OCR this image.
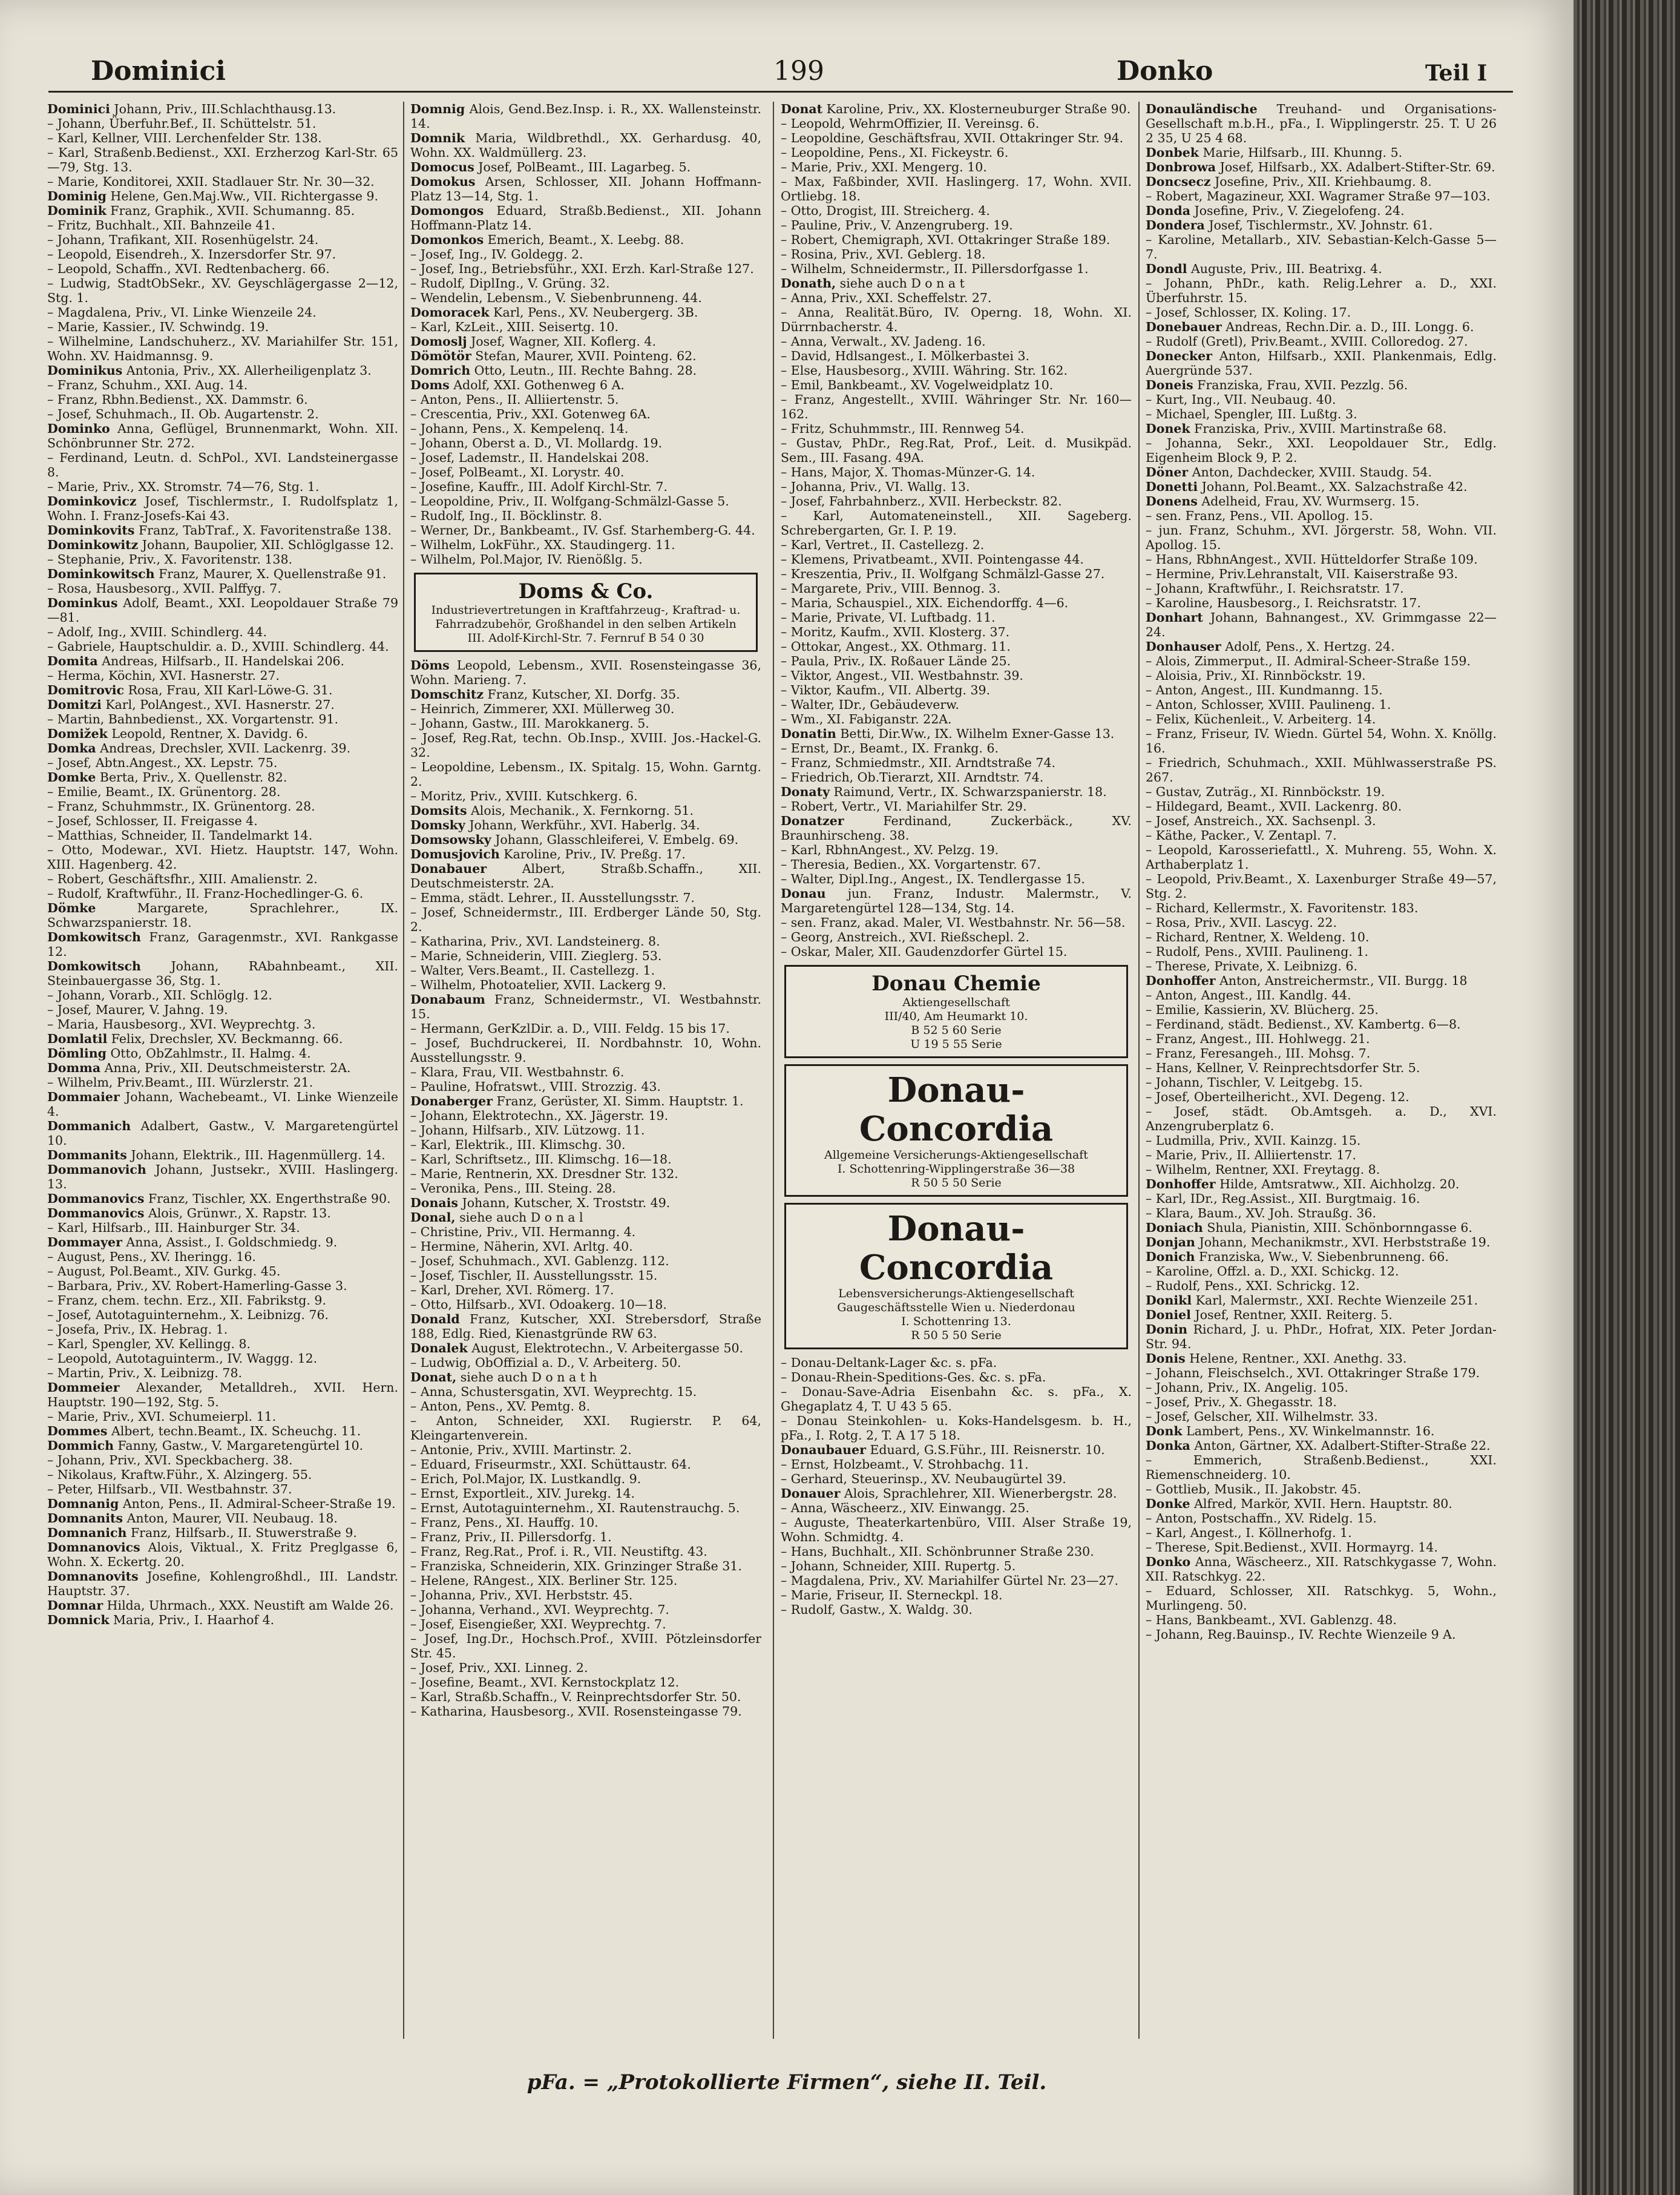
Dominici	199	Donko	Teil I

Dominici Johann, Priv., III.Schlachthausg.13.

– Johann, Überfuhr.Bef., II. Schüttelstr. 51.

– Karl, Kellner, VIII. Lerchenfelder Str. 138.

– Karl, Straßenb.Bedienst., XXI. Erzherzog Karl-Str. 65—79, Stg. 13.

– Marie, Konditorei, XXII. Stadlauer Str. Nr. 30—32.

Dominig Helene, Gen.Maj.Ww., VII. Richtergasse 9.

Dominik Franz, Graphik., XVII. Schumanng. 85.

– Fritz, Buchhalt., XII. Bahnzeile 41.

– Johann, Trafikant, XII. Rosenhügelstr. 24.

– Leopold, Eisendreh., X. Inzersdorfer Str. 97.

– Leopold, Schaffn., XVI. Redtenbacherg. 66.

– Ludwig, StadtObSekr., XV. Geyschlägergasse 2—12, Stg. 1.

– Magdalena, Priv., VI. Linke Wienzeile 24.

– Marie, Kassier., IV. Schwindg. 19.

– Wilhelmine, Landschuherz., XV. Mariahilfer Str. 151, Wohn. XV. Haidmannsg. 9.

Dominikus Antonia, Priv., XX. Allerheiligenplatz 3.

– Franz, Schuhm., XXI. Aug. 14.

– Franz, Rbhn.Bedienst., XX. Dammstr. 6.

– Josef, Schuhmach., II. Ob. Augartenstr. 2.

Dominko Anna, Geflügel, Brunnenmarkt, Wohn. XII. Schönbrunner Str. 272.

– Ferdinand, Leutn. d. SchPol., XVI. Landsteinergasse 8.

– Marie, Priv., XX. Stromstr. 74—76, Stg. 1.

Dominkovicz Josef, Tischlermstr., I. Rudolfsplatz 1, Wohn. I. Franz-Josefs-Kai 43.

Dominkovits Franz, TabTraf., X. Favoritenstraße 138.

Dominkowitz Johann, Baupolier, XII. Schlöglgasse 12.

– Stephanie, Priv., X. Favoritenstr. 138.

Dominkowitsch Franz, Maurer, X. Quellenstraße 91.

– Rosa, Hausbesorg., XVII. Palffyg. 7.

Dominkus Adolf, Beamt., XXI. Leopoldauer Straße 79—81.

– Adolf, Ing., XVIII. Schindlerg. 44.

– Gabriele, Hauptschuldir. a. D., XVIII. Schindlerg. 44.

Domita Andreas, Hilfsarb., II. Handelskai 206.

– Herma, Köchin, XVI. Hasnerstr. 27.

Domitrovic Rosa, Frau, XII Karl-Löwe-G. 31.

Domitzi Karl, PolAngest., XVI. Hasnerstr. 27.

– Martin, Bahnbedienst., XX. Vorgartenstr. 91.

Domižek Leopold, Rentner, X. Davidg. 6.

Domka Andreas, Drechsler, XVII. Lackenrg. 39.

– Josef, Abtn.Angest., XX. Lepstr. 75.

Domke Berta, Priv., X. Quellenstr. 82.

– Emilie, Beamt., IX. Grünentorg. 28.

– Franz, Schuhmmstr., IX. Grünentorg. 28.

– Josef, Schlosser, II. Freigasse 4.

– Matthias, Schneider, II. Tandelmarkt 14.

– Otto, Modewar., XVI. Hietz. Hauptstr. 147, Wohn. XIII. Hagenberg. 42.

– Robert, Geschäftsfhr., XIII. Amalienstr. 2.

– Rudolf, Kraftwführ., II. Franz-Hochedlinger-G. 6.

Dömke Margarete, Sprachlehrer., IX. Schwarzspanierstr. 18.

Domkowitsch Franz, Garagenmstr., XVI. Rankgasse 12.

Domkowitsch Johann, RAbahnbeamt., XII. Steinbauergasse 36, Stg. 1.

– Johann, Vorarb., XII. Schlöglg. 12.

– Josef, Maurer, V. Jahng. 19.

– Maria, Hausbesorg., XVI. Weyprechtg. 3.

Domlatil Felix, Drechsler, XV. Beckmanng. 66.

Dömling Otto, ObZahlmstr., II. Halmg. 4.

Domma Anna, Priv., XII. Deutschmeisterstr. 2A.

– Wilhelm, Priv.Beamt., III. Würzlerstr. 21.

Dommaier Johann, Wachebeamt., VI. Linke Wienzeile 4.

Dommanich Adalbert, Gastw., V. Margaretengürtel 10.

Dommanits Johann, Elektrik., III. Hagenmüllerg. 14.

Dommanovich Johann, Justsekr., XVIII. Haslingerg. 13.

Dommanovics Franz, Tischler, XX. Engerthstraße 90.

Dommanovics Alois, Grünwr., X. Rapstr. 13.

– Karl, Hilfsarb., III. Hainburger Str. 34.

Dommayer Anna, Assist., I. Goldschmiedg. 9.

– August, Pens., XV. Iheringg. 16.

– August, Pol.Beamt., XIV. Gurkg. 45.

– Barbara, Priv., XV. Robert-Hamerling-Gasse 3.

– Franz, chem. techn. Erz., XII. Fabrikstg. 9.

– Josef, Autotaguinternehm., X. Leibnizg. 76.

– Josefa, Priv., IX. Hebrag. 1.

– Karl, Spengler, XV. Kellingg. 8.

– Leopold, Autotaguinterm., IV. Waggg. 12.

– Martin, Priv., X. Leibnizg. 78.

Dommeier Alexander, Metalldreh., XVII. Hern. Hauptstr. 190—192, Stg. 5.

– Marie, Priv., XVI. Schumeierpl. 11.

Dommes Albert, techn.Beamt., IX. Scheuchg. 11.

Dommich Fanny, Gastw., V. Margaretengürtel 10.

– Johann, Priv., XVI. Speckbacherg. 38.

– Nikolaus, Kraftw.Führ., X. Alzingerg. 55.

– Peter, Hilfsarb., VII. Westbahnstr. 37.

Domnanig Anton, Pens., II. Admiral-Scheer-Straße 19.

Domnanits Anton, Maurer, VII. Neubaug. 18.

Domnanich Franz, Hilfsarb., II. Stuwerstraße 9.

Domnanovics Alois, Viktual., X. Fritz Preglgasse 6, Wohn. X. Eckertg. 20.

Domnanovits Josefine, Kohlengroßhdl., III. Landstr. Hauptstr. 37.

Domnar Hilda, Uhrmach., XXX. Neustift am Walde 26.

Domnick Maria, Priv., I. Haarhof 4.

Domnig Alois, Gend.Bez.Insp. i. R., XX. Wallensteinstr. 14.

Domnik Maria, Wildbrethdl., XX. Gerhardusg. 40, Wohn. XX. Waldmüllerg. 23.

Domocus Josef, PolBeamt., III. Lagarbeg. 5.

Domokus Arsen, Schlosser, XII. Johann Hoffmann-Platz 13—14, Stg. 1.

Domongos Eduard, Straßb.Bedienst., XII. Johann Hoffmann-Platz 14.

Domonkos Emerich, Beamt., X. Leebg. 88.

– Josef, Ing., IV. Goldegg. 2.

– Josef, Ing., Betriebsführ., XXI. Erzh. Karl-Straße 127.

– Rudolf, DiplIng., V. Grüng. 32.

– Wendelin, Lebensm., V. Siebenbrunneng. 44.

Domoracek Karl, Pens., XV. Neubergerg. 3B.

– Karl, KzLeit., XIII. Seisertg. 10.

Domoslj Josef, Wagner, XII. Koflerg. 4.

Dömötör Stefan, Maurer, XVII. Pointeng. 62.

Domrich Otto, Leutn., III. Rechte Bahng. 28.

Doms Adolf, XXI. Gothenweg 6 A.

– Anton, Pens., II. Alliiertenstr. 5.

– Crescentia, Priv., XXI. Gotenweg 6A.

– Johann, Pens., X. Kempelenq. 14.

– Johann, Oberst a. D., VI. Mollardg. 19.

– Josef, Lademstr., II. Handelskai 208.

– Josef, PolBeamt., XI. Lorystr. 40.

– Josefine, Kauffr., III. Adolf Kirchl-Str. 7.

– Leopoldine, Priv., II. Wolfgang-Schmälzl-Gasse 5.

– Rudolf, Ing., II. Böcklinstr. 8.

– Werner, Dr., Bankbeamt., IV. Gsf. Starhemberg-G. 44.

– Wilhelm, LokFühr., XX. Staudingerg. 11.

– Wilhelm, Pol.Major, IV. Rienößlg. 5.

Doms & Co.
Industrievertretungen in Kraftfahrzeug-, Kraftrad- u. Fahrradzubehör, Großhandel in den selben Artikeln
III. Adolf-Kirchl-Str. 7. Fernruf B 54 0 30

Döms Leopold, Lebensm., XVII. Rosensteingasse 36, Wohn. Marieng. 7.

Domschitz Franz, Kutscher, XI. Dorfg. 35.

– Heinrich, Zimmerer, XXI. Müllerweg 30.

– Johann, Gastw., III. Marokkanerg. 5.

– Josef, Reg.Rat, techn. Ob.Insp., XVIII. Jos.-Hackel-G. 32.

– Leopoldine, Lebensm., IX. Spitalg. 15, Wohn. Garntg. 2.

– Moritz, Priv., XVIII. Kutschkerg. 6.

Domsits Alois, Mechanik., X. Fernkorng. 51.

Domsky Johann, Werkführ., XVI. Haberlg. 34.

Domsowsky Johann, Glasschleiferei, V. Embelg. 69.

Domusjovich Karoline, Priv., IV. Preßg. 17.

Donabauer Albert, Straßb.Schaffn., XII. Deutschmeisterstr. 2A.

– Emma, städt. Lehrer., II. Ausstellungsstr. 7.

– Josef, Schneidermstr., III. Erdberger Lände 50, Stg. 2.

– Katharina, Priv., XVI. Landsteinerg. 8.

– Marie, Schneiderin, VIII. Zieglerg. 53.

– Walter, Vers.Beamt., II. Castellezg. 1.

– Wilhelm, Photoatelier, XVII. Lackerg 9.

Donabaum Franz, Schneidermstr., VI. Westbahnstr. 15.

– Hermann, GerKzlDir. a. D., VIII. Feldg. 15 bis 17.

– Josef, Buchdruckerei, II. Nordbahnstr. 10, Wohn. Ausstellungsstr. 9.

– Klara, Frau, VII. Westbahnstr. 6.

– Pauline, Hofratswt., VIII. Strozzig. 43.

Donaberger Franz, Gerüster, XI. Simm. Hauptstr. 1.

– Johann, Elektrotechn., XX. Jägerstr. 19.

– Johann, Hilfsarb., XIV. Lützowg. 11.

– Karl, Elektrik., III. Klimschg. 30.

– Karl, Schriftsetz., III. Klimschg. 16—18.

– Marie, Rentnerin, XX. Dresdner Str. 132.

– Veronika, Pens., III. Steing. 28.

Donais Johann, Kutscher, X. Troststr. 49.

Donal, siehe auch D o n a l

– Christine, Priv., VII. Hermanng. 4.

– Hermine, Näherin, XVI. Arltg. 40.

– Josef, Schuhmach., XVI. Gablenzg. 112.

– Josef, Tischler, II. Ausstellungsstr. 15.

– Karl, Dreher, XVI. Römerg. 17.

– Otto, Hilfsarb., XVI. Odoakerg. 10—18.

Donald Franz, Kutscher, XXI. Strebersdorf, Straße 188, Edlg. Ried, Kienastgründe RW 63.

Donalek August, Elektrotechn., V. Arbeitergasse 50.

– Ludwig, ObOffizial a. D., V. Arbeiterg. 50.

Donat, siehe auch D o n a t h

– Anna, Schustersgatin, XVI. Weyprechtg. 15.

– Anton, Pens., XV. Pemtg. 8.

– Anton, Schneider, XXI. Rugierstr. P. 64, Kleingartenverein.

– Antonie, Priv., XVIII. Martinstr. 2.

– Eduard, Friseurmstr., XXI. Schüttaustr. 64.

– Erich, Pol.Major, IX. Lustkandlg. 9.

– Ernst, Exportleit., XIV. Jurekg. 14.

– Ernst, Autotaguinternehm., XI. Rautenstrauchg. 5.

– Franz, Pens., XI. Hauffg. 10.

– Franz, Priv., II. Pillersdorfg. 1.

– Franz, Reg.Rat., Prof. i. R., VII. Neustiftg. 43.

– Franziska, Schneiderin, XIX. Grinzinger Straße 31.

– Helene, RAngest., XIX. Berliner Str. 125.

– Johanna, Priv., XVI. Herbststr. 45.

– Johanna, Verhand., XVI. Weyprechtg. 7.

– Josef, Eisengießer, XXI. Weyprechtg. 7.

– Josef, Ing.Dr., Hochsch.Prof., XVIII. Pötzleinsdorfer Str. 45.

– Josef, Priv., XXI. Linneg. 2.

– Josefine, Beamt., XVI. Kernstockplatz 12.

– Karl, Straßb.Schaffn., V. Reinprechtsdorfer Str. 50.

– Katharina, Hausbesorg., XVII. Rosensteingasse 79.

Donat Karoline, Priv., XX. Klosterneuburger Straße 90.

– Leopold, WehrmOffizier, II. Vereinsg. 6.

– Leopoldine, Geschäftsfrau, XVII. Ottakringer Str. 94.

– Leopoldine, Pens., XI. Fickeystr. 6.

– Marie, Priv., XXI. Mengerg. 10.

– Max, Faßbinder, XVII. Haslingerg. 17, Wohn. XVII. Ortliebg. 18.

– Otto, Drogist, III. Streicherg. 4.

– Pauline, Priv., V. Anzengruberg. 19.

– Robert, Chemigraph, XVI. Ottakringer Straße 189.

– Rosina, Priv., XVI. Geblerg. 18.

– Wilhelm, Schneidermstr., II. Pillersdorfgasse 1.

Donath, siehe auch D o n a t

– Anna, Priv., XXI. Scheffelstr. 27.

– Anna, Realität.Büro, IV. Operng. 18, Wohn. XI. Dürrnbacherstr. 4.

– Anna, Verwalt., XV. Jadeng. 16.

– David, Hdlsangest., I. Mölkerbastei 3.

– Else, Hausbesorg., XVIII. Währing. Str. 162.

– Emil, Bankbeamt., XV. Vogelweidplatz 10.

– Franz, Angestellt., XVIII. Währinger Str. Nr. 160—162.

– Fritz, Schuhmmstr., III. Rennweg 54.

– Gustav, PhDr., Reg.Rat, Prof., Leit. d. Musikpäd. Sem., III. Fasang. 49A.

– Hans, Major, X. Thomas-Münzer-G. 14.

– Johanna, Priv., VI. Wallg. 13.

– Josef, Fahrbahnberz., XVII. Herbeckstr. 82.

– Karl, Automateneinstell., XII. Sageberg. Schrebergarten, Gr. I. P. 19.

– Karl, Vertret., II. Castellezg. 2.

– Klemens, Privatbeamt., XVII. Pointengasse 44.

– Kreszentia, Priv., II. Wolfgang Schmälzl-Gasse 27.

– Margarete, Priv., VIII. Bennog. 3.

– Maria, Schauspiel., XIX. Eichendorffg. 4—6.

– Marie, Private, VI. Luftbadg. 11.

– Moritz, Kaufm., XVII. Klosterg. 37.

– Ottokar, Angest., XX. Othmarg. 11.

– Paula, Priv., IX. Roßauer Lände 25.

– Viktor, Angest., VII. Westbahnstr. 39.

– Viktor, Kaufm., VII. Albertg. 39.

– Walter, IDr., Gebäudeverw.

– Wm., XI. Fabiganstr. 22A.

Donatin Betti, Dir.Ww., IX. Wilhelm Exner-Gasse 13.

– Ernst, Dr., Beamt., IX. Frankg. 6.

– Franz, Schmiedmstr., XII. Arndtstraße 74.

– Friedrich, Ob.Tierarzt, XII. Arndtstr. 74.

Donaty Raimund, Vertr., IX. Schwarzspanierstr. 18.

– Robert, Vertr., VI. Mariahilfer Str. 29.

Donatzer Ferdinand, Zuckerbäck., XV. Braunhirscheng. 38.

– Karl, RbhnAngest., XV. Pelzg. 19.

– Theresia, Bedien., XX. Vorgartenstr. 67.

– Walter, Dipl.Ing., Angest., IX. Tendlergasse 15.

Donau jun. Franz, Industr. Malermstr., V. Margaretengürtel 128—134, Stg. 14.

– sen. Franz, akad. Maler, VI. Westbahnstr. Nr. 56—58.

– Georg, Anstreich., XVI. Rießschepl. 2.

– Oskar, Maler, XII. Gaudenzdorfer Gürtel 15.

Donau Chemie
Aktiengesellschaft
III/40, Am Heumarkt 10.
B 52 5 60 Serie
U 19 5 55 Serie
Donau-Concordia
Allgemeine Versicherungs-Aktiengesellschaft
I. Schottenring-Wipplingerstraße 36—38
R 50 5 50 Serie
Donau-Concordia
Lebensversicherungs-Aktiengesellschaft
Gaugeschäftsstelle Wien u. Niederdonau
I. Schottenring 13.
R 50 5 50 Serie

– Donau-Deltank-Lager &c. s. pFa.

– Donau-Rhein-Speditions-Ges. &c. s. pFa.

– Donau-Save-Adria Eisenbahn &c. s. pFa., X. Ghegaplatz 4, T. U 43 5 65.

– Donau Steinkohlen- u. Koks-Handelsgesm. b. H., pFa., I. Rotg. 2, T. A 17 5 18.

Donaubauer Eduard, G.S.Führ., III. Reisnerstr. 10.

– Ernst, Holzbeamt., V. Strohbachg. 11.

– Gerhard, Steuerinsp., XV. Neubaugürtel 39.

Donauer Alois, Sprachlehrer, XII. Wienerbergstr. 28.

– Anna, Wäscheerz., XIV. Einwangg. 25.

– Auguste, Theaterkartenbüro, VIII. Alser Straße 19, Wohn. Schmidtg. 4.

– Hans, Buchhalt., XII. Schönbrunner Straße 230.

– Johann, Schneider, XIII. Rupertg. 5.

– Magdalena, Priv., XV. Mariahilfer Gürtel Nr. 23—27.

– Marie, Friseur, II. Sterneckpl. 18.

– Rudolf, Gastw., X. Waldg. 30.

Donauländische Treuhand- und Organisations-Gesellschaft m.b.H., pFa., I. Wipplingerstr. 25. T. U 26 2 35, U 25 4 68.

Donbek Marie, Hilfsarb., III. Khunng. 5.

Donbrowa Josef, Hilfsarb., XX. Adalbert-Stifter-Str. 69.

Doncsecz Josefine, Priv., XII. Kriehbaumg. 8.

– Robert, Magazineur, XXI. Wagramer Straße 97—103.

Donda Josefine, Priv., V. Ziegelofeng. 24.

Dondera Josef, Tischlermstr., XV. Johnstr. 61.

– Karoline, Metallarb., XIV. Sebastian-Kelch-Gasse 5—7.

Dondl Auguste, Priv., III. Beatrixg. 4.

– Johann, PhDr., kath. Relig.Lehrer a. D., XXI. Überfuhrstr. 15.

– Josef, Schlosser, IX. Koling. 17.

Donebauer Andreas, Rechn.Dir. a. D., III. Longg. 6.

– Rudolf (Gretl), Priv.Beamt., XVIII. Colloredog. 27.

Donecker Anton, Hilfsarb., XXII. Plankenmais, Edlg. Auergründe 537.

Doneis Franziska, Frau, XVII. Pezzlg. 56.

– Kurt, Ing., VII. Neubaug. 40.

– Michael, Spengler, III. Lußtg. 3.

Donek Franziska, Priv., XVIII. Martinstraße 68.

– Johanna, Sekr., XXI. Leopoldauer Str., Edlg. Eigenheim Block 9, P. 2.

Döner Anton, Dachdecker, XVIII. Staudg. 54.

Donetti Johann, Pol.Beamt., XX. Salzachstraße 42.

Donens Adelheid, Frau, XV. Wurmserg. 15.

– sen. Franz, Pens., VII. Apollog. 15.

– jun. Franz, Schuhm., XVI. Jörgerstr. 58, Wohn. VII. Apollog. 15.

– Hans, RbhnAngest., XVII. Hütteldorfer Straße 109.

– Hermine, Priv.Lehranstalt, VII. Kaiserstraße 93.

– Johann, Kraftwführ., I. Reichsratstr. 17.

– Karoline, Hausbesorg., I. Reichsratstr. 17.

Donhart Johann, Bahnangest., XV. Grimmgasse 22—24.

Donhauser Adolf, Pens., X. Hertzg. 24.

– Alois, Zimmerput., II. Admiral-Scheer-Straße 159.

– Aloisia, Priv., XI. Rinnböckstr. 19.

– Anton, Angest., III. Kundmanng. 15.

– Anton, Schlosser, XVIII. Paulineng. 1.

– Felix, Küchenleit., V. Arbeiterg. 14.

– Franz, Friseur, IV. Wiedn. Gürtel 54, Wohn. X. Knöllg. 16.

– Friedrich, Schuhmach., XXII. Mühlwasserstraße PS. 267.

– Gustav, Zuträg., XI. Rinnböckstr. 19.

– Hildegard, Beamt., XVII. Lackenrg. 80.

– Josef, Anstreich., XX. Sachsenpl. 3.

– Käthe, Packer., V. Zentapl. 7.

– Leopold, Karosseriefattl., X. Muhreng. 55, Wohn. X. Arthaberplatz 1.

– Leopold, Priv.Beamt., X. Laxenburger Straße 49—57, Stg. 2.

– Richard, Kellermstr., X. Favoritenstr. 183.

– Rosa, Priv., XVII. Lascyg. 22.

– Richard, Rentner, X. Weldeng. 10.

– Rudolf, Pens., XVIII. Paulineng. 1.

– Therese, Private, X. Leibnizg. 6.

Donhoffer Anton, Anstreichermstr., VII. Burgg. 18

– Anton, Angest., III. Kandlg. 44.

– Emilie, Kassierin, XV. Blücherg. 25.

– Ferdinand, städt. Bedienst., XV. Kambertg. 6—8.

– Franz, Angest., III. Hohlwegg. 21.

– Franz, Feresangeh., III. Mohsg. 7.

– Hans, Kellner, V. Reinprechtsdorfer Str. 5.

– Johann, Tischler, V. Leitgebg. 15.

– Josef, Oberteilhericht., XVI. Degeng. 12.

– Josef, städt. Ob.Amtsgeh. a. D., XVI. Anzengruberplatz 6.

– Ludmilla, Priv., XVII. Kainzg. 15.

– Marie, Priv., II. Alliiertenstr. 17.

– Wilhelm, Rentner, XXI. Freytagg. 8.

Donhoffer Hilde, Amtsratww., XII. Aichholzg. 20.

– Karl, IDr., Reg.Assist., XII. Burgtmaig. 16.

– Klara, Baum., XV. Joh. Straußg. 36.

Doniach Shula, Pianistin, XIII. Schönbornngasse 6.

Donjan Johann, Mechanikmstr., XVI. Herbststraße 19.

Donich Franziska, Ww., V. Siebenbrunneng. 66.

– Karoline, Offzl. a. D., XXI. Schickg. 12.

– Rudolf, Pens., XXI. Schrickg. 12.

Donikl Karl, Malermstr., XXI. Rechte Wienzeile 251.

Doniel Josef, Rentner, XXII. Reiterg. 5.

Donin Richard, J. u. PhDr., Hofrat, XIX. Peter Jordan-Str. 94.

Donis Helene, Rentner., XXI. Anethg. 33.

– Johann, Fleischselch., XVI. Ottakringer Straße 179.

– Johann, Priv., IX. Angelig. 105.

– Josef, Priv., X. Ghegasstr. 18.

– Josef, Gelscher, XII. Wilhelmstr. 33.

Donk Lambert, Pens., XV. Winkelmannstr. 16.

Donka Anton, Gärtner, XX. Adalbert-Stifter-Straße 22.

– Emmerich, Straßenb.Bedienst., XXI. Riemenschneiderg. 10.

– Gottlieb, Musik., II. Jakobstr. 45.

Donke Alfred, Markör, XVII. Hern. Hauptstr. 80.

– Anton, Postschaffn., XV. Ridelg. 15.

– Karl, Angest., I. Köllnerhofg. 1.

– Therese, Spit.Bedienst., XVII. Hormayrg. 14.

Donko Anna, Wäscheerz., XII. Ratschkygasse 7, Wohn. XII. Ratschkyg. 22.

– Eduard, Schlosser, XII. Ratschkyg. 5, Wohn., Murlingeng. 50.

– Hans, Bankbeamt., XVI. Gablenzg. 48.

– Johann, Reg.Bauinsp., IV. Rechte Wienzeile 9 A.

pFa. = „Protokollierte Firmen“, siehe II. Teil.
